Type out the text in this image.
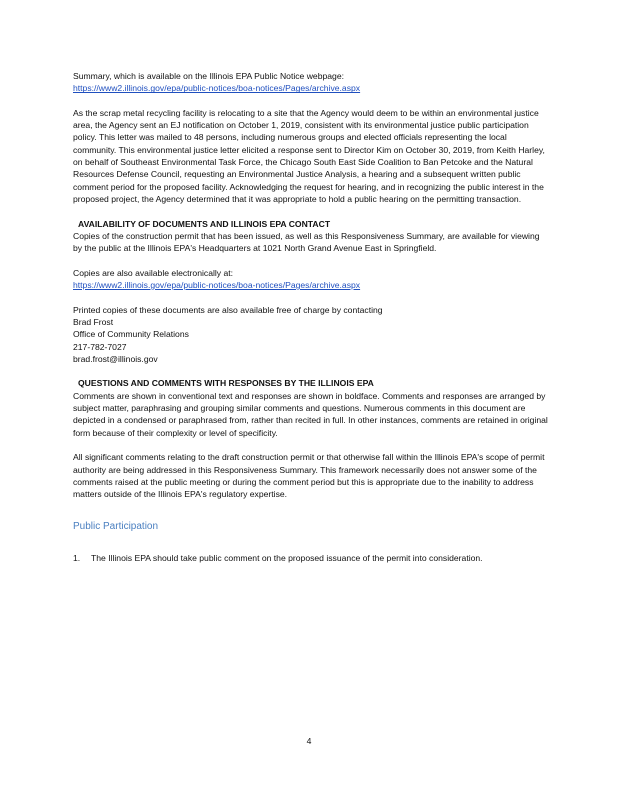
Summary, which is available on the Illinois EPA Public Notice webpage:

https://www2.illinois.gov/epa/public-notices/boa-notices/Pages/archive.aspx

As the scrap metal recycling facility is relocating to a site that the Agency would deem to be within an environmental justice area, the Agency sent an EJ notification on October 1, 2019, consistent with its environmental justice public participation policy. This letter was mailed to 48 persons, including numerous groups and elected officials representing the local community. This environmental justice letter elicited a response sent to Director Kim on October 30, 2019, from Keith Harley, on behalf of Southeast Environmental Task Force, the Chicago South East Side Coalition to Ban Petcoke and the Natural Resources Defense Council, requesting an Environmental Justice Analysis, a hearing and a subsequent written public comment period for the proposed facility. Acknowledging the request for hearing, and in recognizing the public interest in the proposed project, the Agency determined that it was appropriate to hold a public hearing on the permitting transaction.

AVAILABILITY OF DOCUMENTS AND ILLINOIS EPA CONTACT

Copies of the construction permit that has been issued, as well as this Responsiveness Summary, are available for viewing by the public at the Illinois EPA's Headquarters at 1021 North Grand Avenue East in Springfield.

Copies are also available electronically at:

https://www2.illinois.gov/epa/public-notices/boa-notices/Pages/archive.aspx

Printed copies of these documents are also available free of charge by contacting

Brad Frost

Office of Community Relations

217-782-7027

brad.frost@illinois.gov

QUESTIONS AND COMMENTS WITH RESPONSES BY THE ILLINOIS EPA

Comments are shown in conventional text and responses are shown in boldface. Comments and responses are arranged by subject matter, paraphrasing and grouping similar comments and questions. Numerous comments in this document are depicted in a condensed or paraphrased from, rather than recited in full. In other instances, comments are retained in original form because of their complexity or level of specificity.

All significant comments relating to the draft construction permit or that otherwise fall within the Illinois EPA's scope of permit authority are being addressed in this Responsiveness Summary. This framework necessarily does not answer some of the comments raised at the public meeting or during the comment period but this is appropriate due to the inability to address matters outside of the Illinois EPA's regulatory expertise.

Public Participation

1.	The Illinois EPA should take public comment on the proposed issuance of the permit into consideration.
4
